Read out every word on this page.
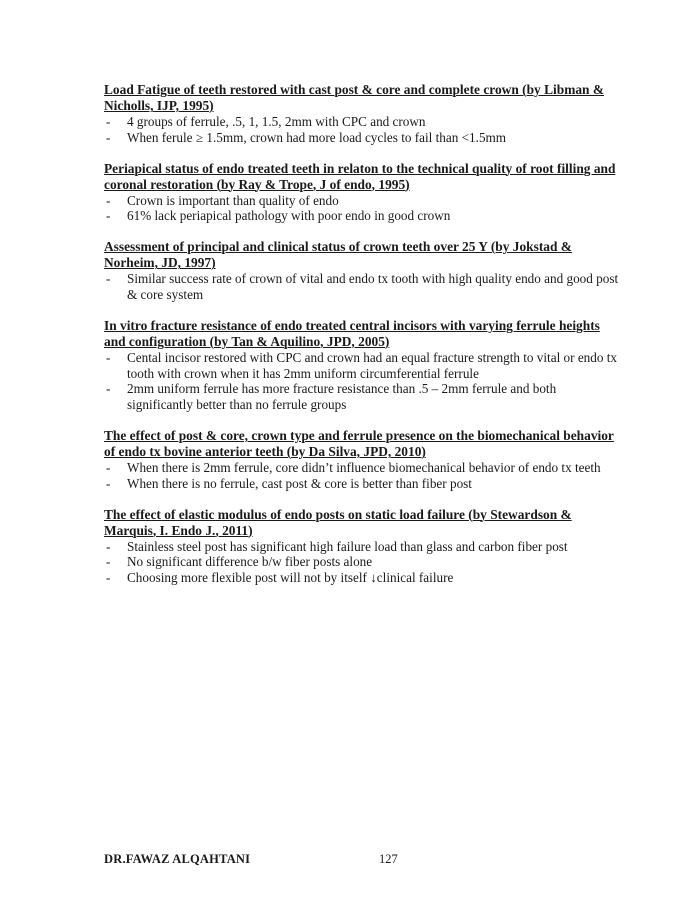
Load Fatigue of teeth restored with cast post & core and complete crown (by Libman & Nicholls, IJP, 1995)

- 4 groups of ferrule, .5, 1, 1.5, 2mm with CPC and crown
- When ferule ≥ 1.5mm, crown had more load cycles to fail than <1.5mm

Periapical status of endo treated teeth in relaton to the technical quality of root filling and coronal restoration (by Ray & Trope, J of endo, 1995)

- Crown is important than quality of endo
- 61% lack periapical pathology with poor endo in good crown

Assessment of principal and clinical status of crown teeth over 25 Y (by Jokstad & Norheim, JD, 1997)

- Similar success rate of crown of vital and endo tx tooth with high quality endo and good post & core system

In vitro fracture resistance of endo treated central incisors with varying ferrule heights and configuration (by Tan & Aquilino, JPD, 2005)

- Cental incisor restored with CPC and crown had an equal fracture strength to vital or endo tx tooth with crown when it has 2mm uniform circumferential ferrule
- 2mm uniform ferrule has more fracture resistance than .5 – 2mm ferrule and both significantly better than no ferrule groups

The effect of post & core, crown type and ferrule presence on the biomechanical behavior of endo tx bovine anterior teeth (by Da Silva, JPD, 2010)

- When there is 2mm ferrule, core didn’t influence biomechanical behavior of endo tx teeth
- When there is no ferrule, cast post & core is better than fiber post

The effect of elastic modulus of endo posts on static load failure (by Stewardson & Marquis, I. Endo J., 2011)

- Stainless steel post has significant high failure load than glass and carbon fiber post
- No significant difference b/w fiber posts alone
- Choosing more flexible post will not by itself ↓clinical failure
DR.FAWAZ ALQAHTANI	127
